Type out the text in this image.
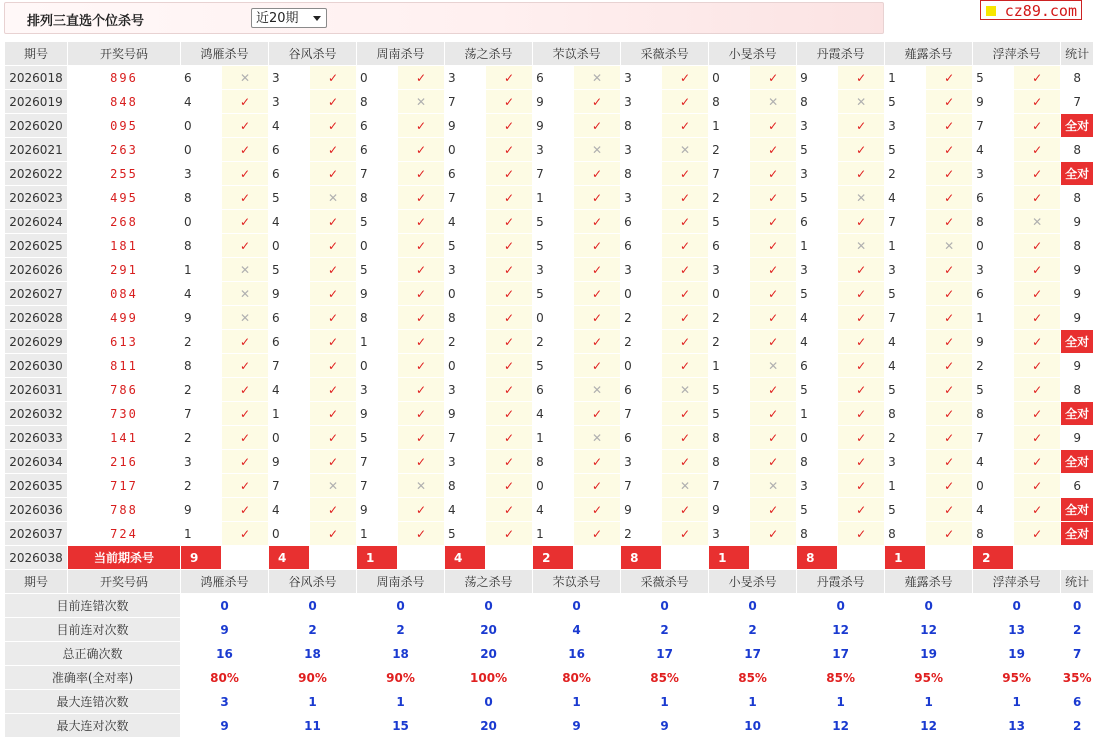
排列三直选个位杀号	近20期	cz89.com
期号	开奖号码	鸿雁杀号		谷风杀号		周南杀号		荡之杀号		芣苡杀号		采薇杀号		小旻杀号		丹霞杀号		薤露杀号		浮萍杀号		统计
2026018	896	6	✕	3	✓	0	✓	3	✓	6	✕	3	✓	0	✓	9	✓	1	✓	5	✓	8
2026019	848	4	✓	3	✓	8	✕	7	✓	9	✓	3	✓	8	✕	8	✕	5	✓	9	✓	7
2026020	095	0	✓	4	✓	6	✓	9	✓	9	✓	8	✓	1	✓	3	✓	3	✓	7	✓	全对
2026021	263	0	✓	6	✓	6	✓	0	✓	3	✕	3	✕	2	✓	5	✓	5	✓	4	✓	8
2026022	255	3	✓	6	✓	7	✓	6	✓	7	✓	8	✓	7	✓	3	✓	2	✓	3	✓	全对
2026023	495	8	✓	5	✕	8	✓	7	✓	1	✓	3	✓	2	✓	5	✕	4	✓	6	✓	8
2026024	268	0	✓	4	✓	5	✓	4	✓	5	✓	6	✓	5	✓	6	✓	7	✓	8	✕	9
2026025	181	8	✓	0	✓	0	✓	5	✓	5	✓	6	✓	6	✓	1	✕	1	✕	0	✓	8
2026026	291	1	✕	5	✓	5	✓	3	✓	3	✓	3	✓	3	✓	3	✓	3	✓	3	✓	9
2026027	084	4	✕	9	✓	9	✓	0	✓	5	✓	0	✓	0	✓	5	✓	5	✓	6	✓	9
2026028	499	9	✕	6	✓	8	✓	8	✓	0	✓	2	✓	2	✓	4	✓	7	✓	1	✓	9
2026029	613	2	✓	6	✓	1	✓	2	✓	2	✓	2	✓	2	✓	4	✓	4	✓	9	✓	全对
2026030	811	8	✓	7	✓	0	✓	0	✓	5	✓	0	✓	1	✕	6	✓	4	✓	2	✓	9
2026031	786	2	✓	4	✓	3	✓	3	✓	6	✕	6	✕	5	✓	5	✓	5	✓	5	✓	8
2026032	730	7	✓	1	✓	9	✓	9	✓	4	✓	7	✓	5	✓	1	✓	8	✓	8	✓	全对
2026033	141	2	✓	0	✓	5	✓	7	✓	1	✕	6	✓	8	✓	0	✓	2	✓	7	✓	9
2026034	216	3	✓	9	✓	7	✓	3	✓	8	✓	3	✓	8	✓	8	✓	3	✓	4	✓	全对
2026035	717	2	✓	7	✕	7	✕	8	✓	0	✓	7	✕	7	✕	3	✓	1	✓	0	✓	6
2026036	788	9	✓	4	✓	9	✓	4	✓	4	✓	9	✓	9	✓	5	✓	5	✓	4	✓	全对
2026037	724	1	✓	0	✓	1	✓	5	✓	1	✓	2	✓	3	✓	8	✓	8	✓	8	✓	全对
2026038	当前期杀号	9		4		1		4		2		8		1		8		1		2		
期号	开奖号码	鸿雁杀号		谷风杀号		周南杀号		荡之杀号		芣苡杀号		采薇杀号		小旻杀号		丹霞杀号		薤露杀号		浮萍杀号		统计
目前连错次数		0		0		0		0		0		0		0		0		0		0		0
目前连对次数		9		2		2		20		4		2		2		12		12		13		2
总正确次数		16		18		18		20		16		17		17		17		19		19		7
准确率(全对率)		80%		90%		90%		100%		80%		85%		85%		85%		95%		95%		35%
最大连错次数		3		1		1		0		1		1		1		1		1		1		6
最大连对次数		9		11		15		20		9		9		10		12		12		13		2
